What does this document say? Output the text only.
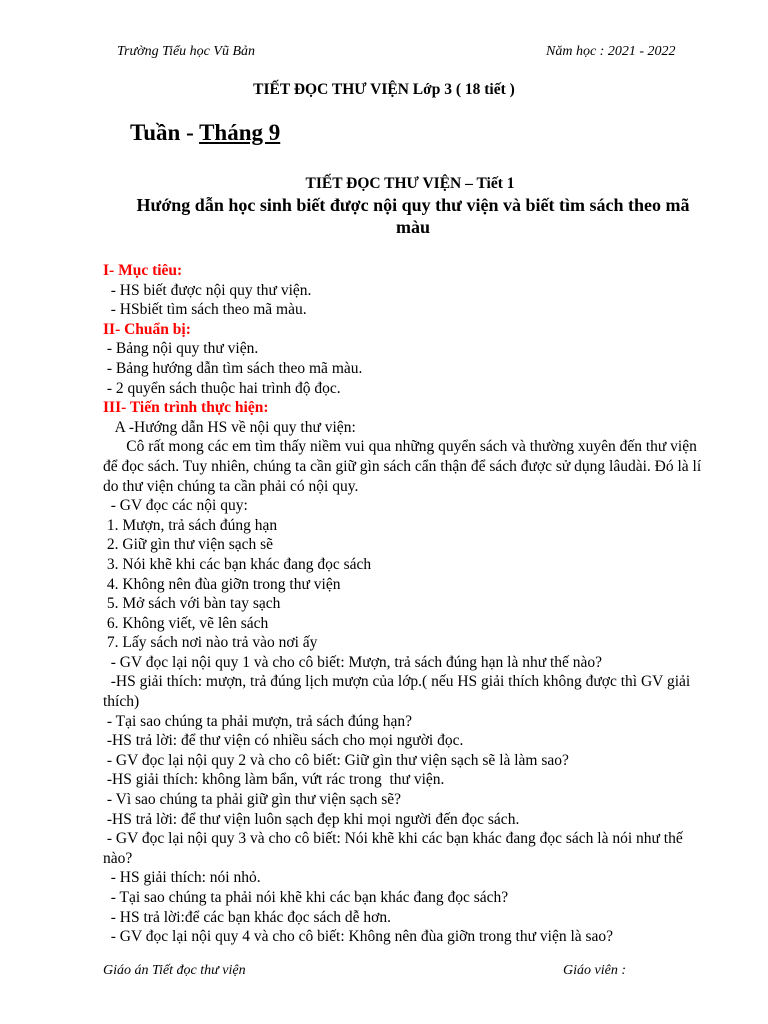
Trường Tiểu học Vũ Bản	Năm học : 2021 - 2022
TIẾT ĐỌC THƯ VIỆN Lớp 3 ( 18 tiết )
Tuần - Tháng 9
TIẾT ĐỌC THƯ VIỆN – Tiết 1
Hướng dẫn học sinh biết được nội quy thư viện và biết tìm sách theo mã màu

I- Mục tiêu:

- HS biết được nội quy thư viện.

- HSbiết tìm sách theo mã màu.

II- Chuẩn bị:

- Bảng nội quy thư viện.

- Bảng hướng dẫn tìm sách theo mã màu.

- 2 quyển sách thuộc hai trình độ đọc.

III- Tiến trình thực hiện:

A -Hướng dẫn HS về nội quy thư viện:

Cô rất mong các em tìm thấy niềm vui qua những quyển sách và thường xuyên đến thư viện để đọc sách. Tuy nhiên, chúng ta cần giữ gìn sách cẩn thận để sách được sử dụng lâudài. Đó là lí do thư viện chúng ta cần phải có nội quy.

- GV đọc các nội quy:

1. Mượn, trả sách đúng hạn

2. Giữ gìn thư viện sạch sẽ

3. Nói khẽ khi các bạn khác đang đọc sách

4. Không nên đùa giỡn trong thư viện

5. Mở sách với bàn tay sạch

6. Không viết, vẽ lên sách

7. Lấy sách nơi nào trả vào nơi ấy

- GV đọc lại nội quy 1 và cho cô biết: Mượn, trả sách đúng hạn là như thế nào?

-HS giải thích: mượn, trả đúng lịch mượn của lớp.( nếu HS giải thích không được thì GV giải thích)

- Tại sao chúng ta phải mượn, trả sách đúng hạn?

-HS trả lời: để thư viện có nhiều sách cho mọi người đọc.

- GV đọc lại nội quy 2 và cho cô biết: Giữ gìn thư viện sạch sẽ là làm sao?

-HS giải thích: không làm bẩn, vứt rác trong  thư viện.

- Vì sao chúng ta phải giữ gìn thư viện sạch sẽ?

-HS trả lời: để thư viện luôn sạch đẹp khi mọi người đến đọc sách.

- GV đọc lại nội quy 3 và cho cô biết: Nói khẽ khi các bạn khác đang đọc sách là nói như thế nào?

- HS giải thích: nói nhỏ.

- Tại sao chúng ta phải nói khẽ khi các bạn khác đang đọc sách?

- HS trả lời:để các bạn khác đọc sách dễ hơn.

- GV đọc lại nội quy 4 và cho cô biết: Không nên đùa giỡn trong thư viện là sao?

Giáo án Tiết đọc thư viện	Giáo viên :
